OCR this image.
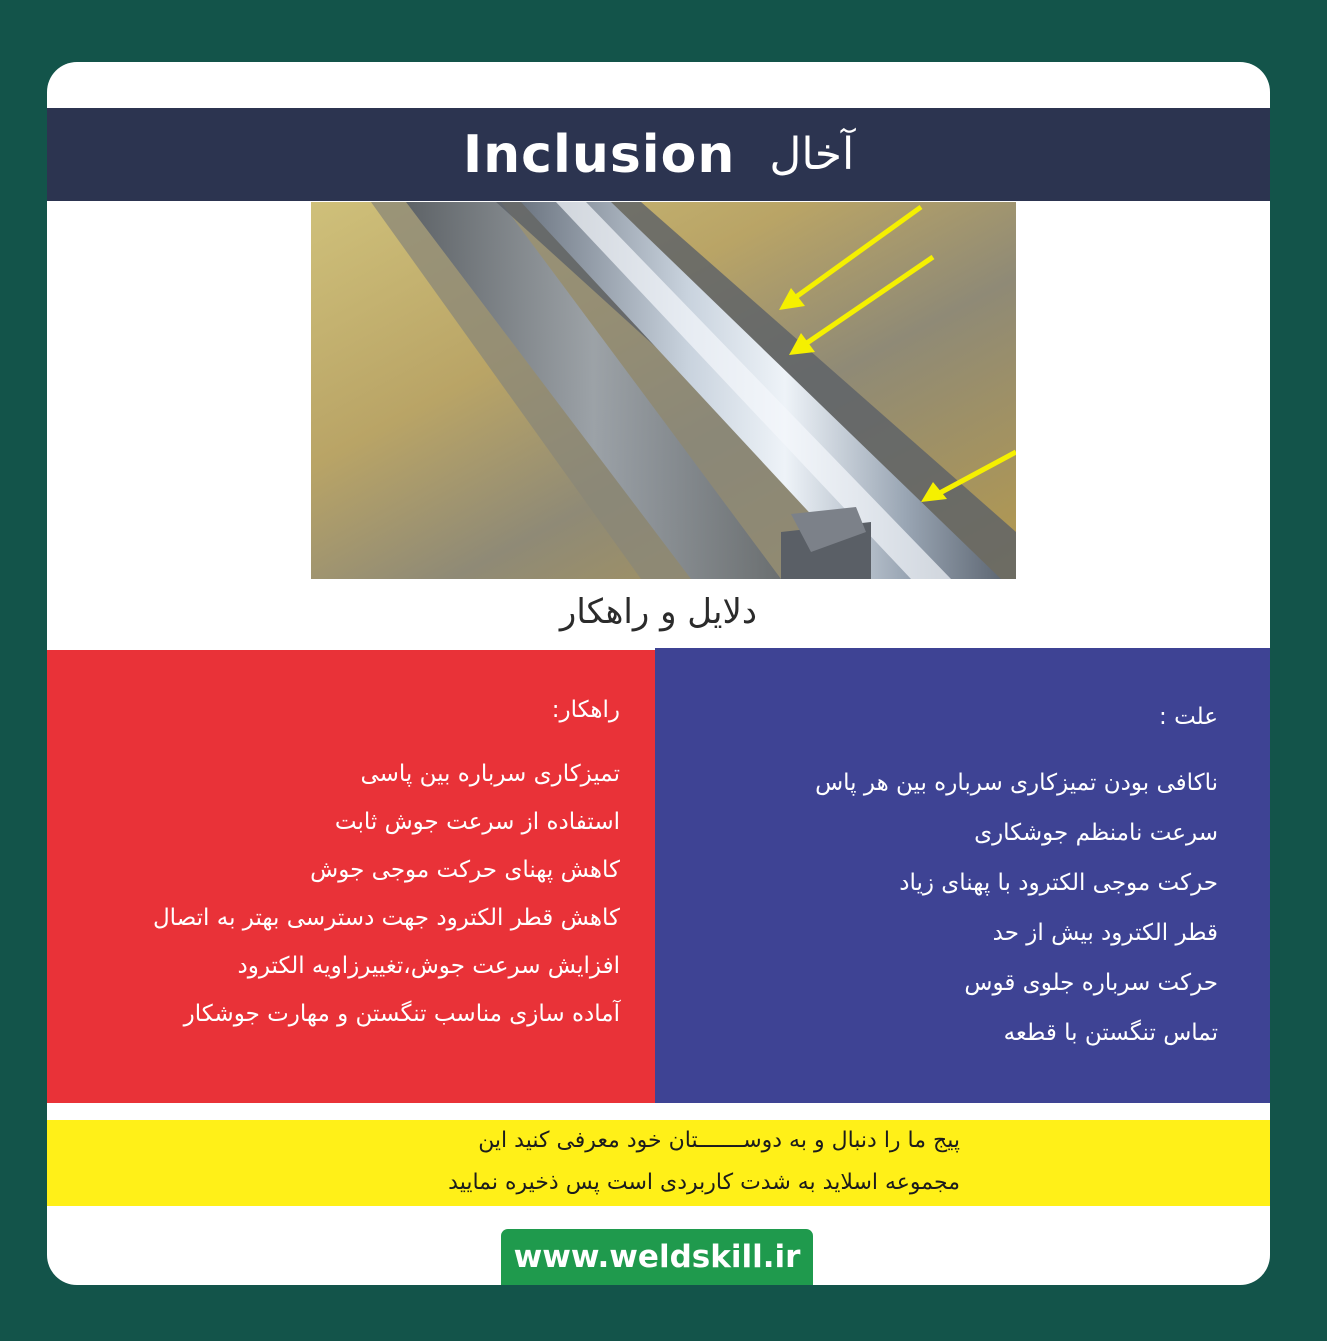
Inclusion آخال
دلایل و راهکار
راهکار:
تمیزکاری سرباره بین پاسی
استفاده از سرعت جوش ثابت
کاهش پهنای حرکت موجی جوش
کاهش قطر الکترود جهت دسترسی بهتر به اتصال
افزایش سرعت جوش،تغییرزاویه الکترود
آماده سازی مناسب تنگستن و مهارت جوشکار
علت :
ناکافی بودن تمیزکاری سرباره بین هر پاس
سرعت نامنظم جوشکاری
حرکت موجی الکترود با پهنای زیاد
قطر الکترود بیش از حد
حرکت سرباره جلوی قوس
تماس تنگستن با قطعه
پیج ما را دنبال و به دوســـــــتان خود معرفی کنید این
مجموعه اسلاید به شدت کاربردی است پس ذخیره نمایید
www.weldskill.ir
